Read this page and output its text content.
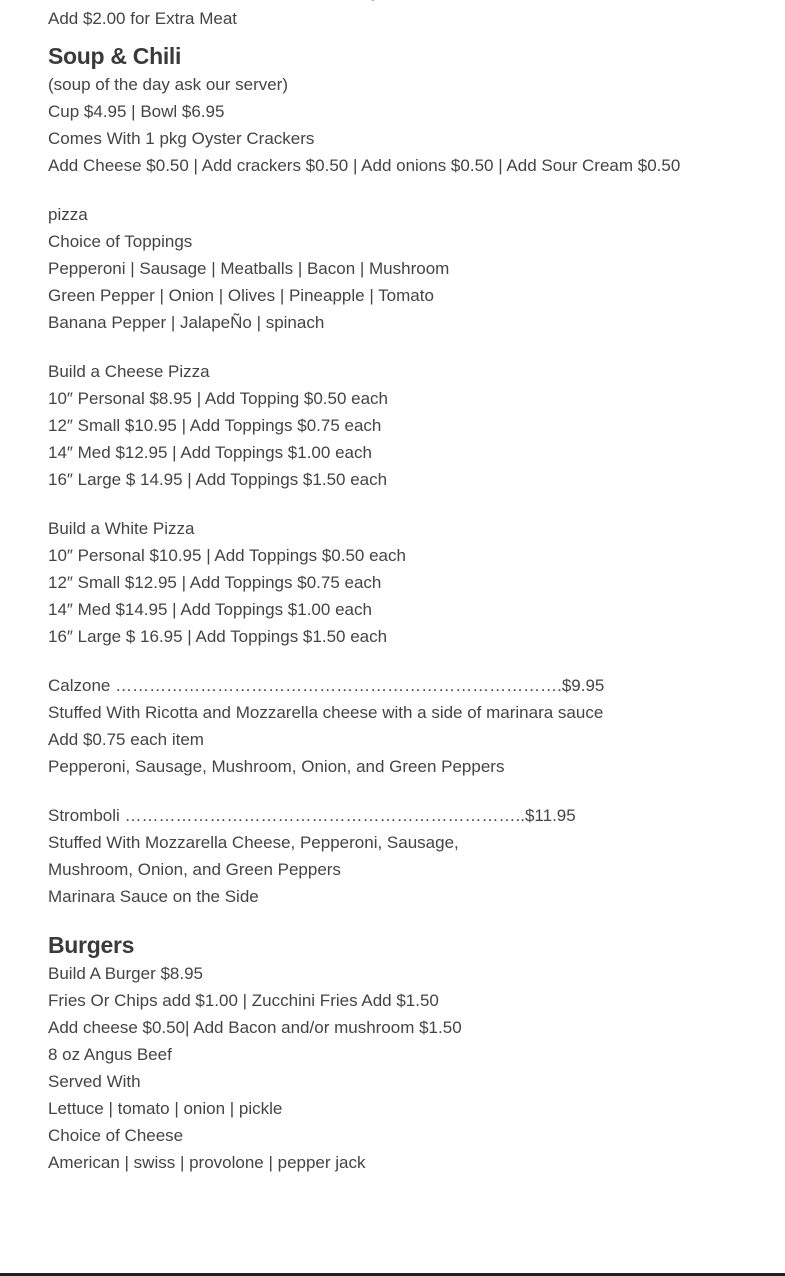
Add $2.00 for Extra Meat
Soup & Chili
(soup of the day ask our server)
Cup $4.95 | Bowl $6.95
Comes With 1 pkg Oyster Crackers
Add Cheese $0.50 | Add crackers $0.50 | Add onions $0.50 | Add Sour Cream $0.50
pizza
Choice of Toppings
Pepperoni | Sausage | Meatballs | Bacon | Mushroom
Green Pepper | Onion | Olives | Pineapple | Tomato
Banana Pepper | JalapeÑo | spinach
Build a Cheese Pizza
10″ Personal $8.95 | Add Topping $0.50 each
12″ Small $10.95 | Add Toppings $0.75 each
14″ Med $12.95 | Add Toppings $1.00 each
16″ Large $ 14.95 | Add Toppings $1.50 each
Build a White Pizza
10″ Personal $10.95 | Add Toppings $0.50 each
12″ Small $12.95 | Add Toppings $0.75 each
14″ Med $14.95 | Add Toppings $1.00 each
16″ Large $ 16.95 | Add Toppings $1.50 each
Calzone …………………………………………………………………….$9.95
Stuffed With Ricotta and Mozzarella cheese with a side of marinara sauce
Add $0.75 each item
Pepperoni, Sausage, Mushroom, Onion, and Green Peppers
Stromboli ……………………………………………………………..$11.95
Stuffed With Mozzarella Cheese, Pepperoni, Sausage,
Mushroom, Onion, and Green Peppers
Marinara Sauce on the Side
Burgers
Build A Burger $8.95
Fries Or Chips add $1.00 | Zucchini Fries Add $1.50
Add cheese $0.50| Add Bacon and/or mushroom $1.50
8 oz Angus Beef
Served With
Lettuce | tomato | onion | pickle
Choice of Cheese
American | swiss | provolone | pepper jack
